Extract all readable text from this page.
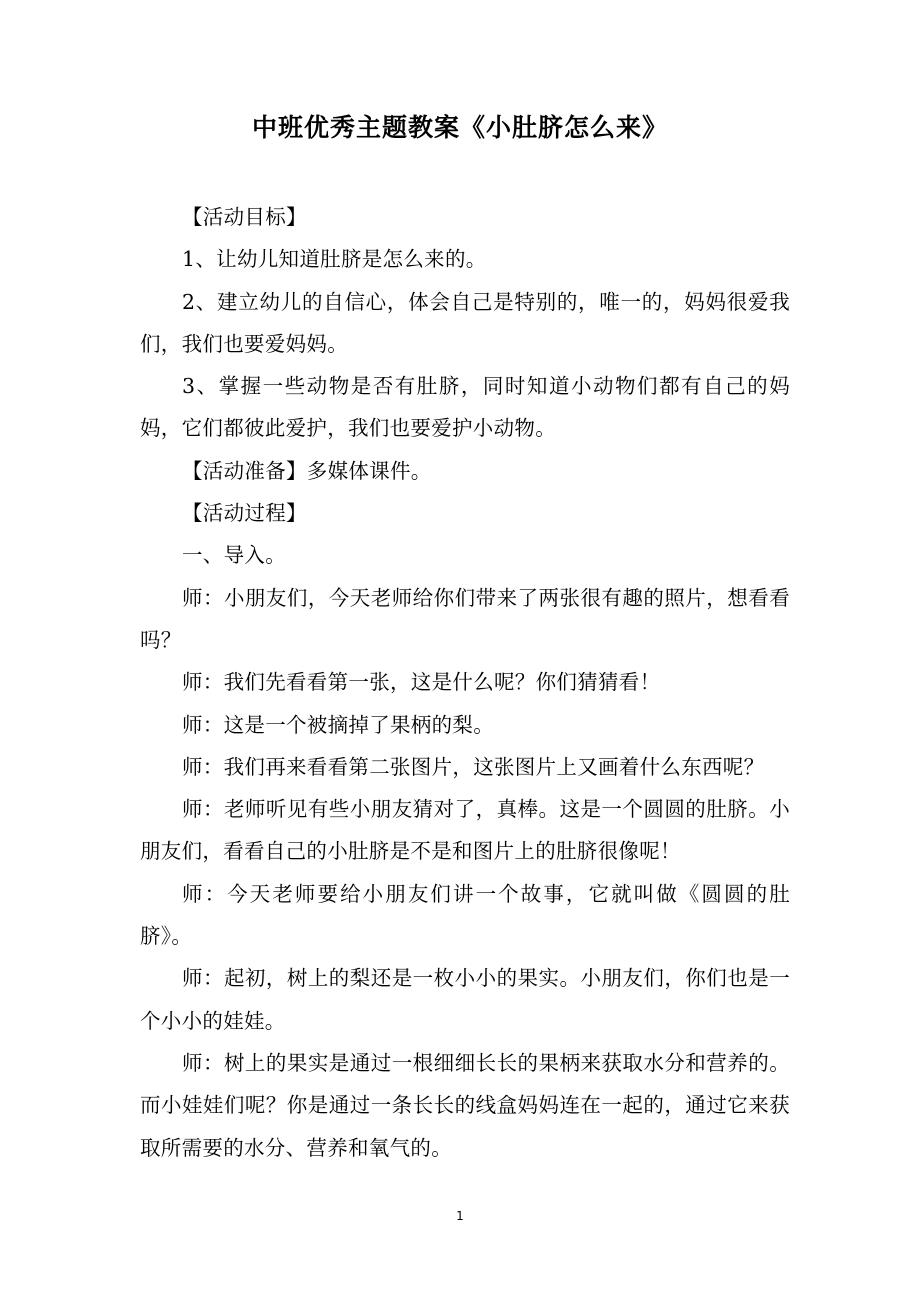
中班优秀主题教案《小肚脐怎么来》

【活动目标】

1、让幼儿知道肚脐是怎么来的。

2、建立幼儿的自信心，体会自己是特别的，唯一的，妈妈很爱我们，我们也要爱妈妈。

3、掌握一些动物是否有肚脐，同时知道小动物们都有自己的妈妈，它们都彼此爱护，我们也要爱护小动物。

【活动准备】多媒体课件。

【活动过程】

一、导入。

师：小朋友们，今天老师给你们带来了两张很有趣的照片，想看看吗？

师：我们先看看第一张，这是什么呢？你们猜猜看！

师：这是一个被摘掉了果柄的梨。

师：我们再来看看第二张图片，这张图片上又画着什么东西呢？

师：老师听见有些小朋友猜对了，真棒。这是一个圆圆的肚脐。小朋友们，看看自己的小肚脐是不是和图片上的肚脐很像呢！

师：今天老师要给小朋友们讲一个故事，它就叫做《圆圆的肚脐》。

师：起初，树上的梨还是一枚小小的果实。小朋友们，你们也是一个小小的娃娃。

师：树上的果实是通过一根细细长长的果柄来获取水分和营养的。而小娃娃们呢？你是通过一条长长的线盒妈妈连在一起的，通过它来获取所需要的水分、营养和氧气的。

1
